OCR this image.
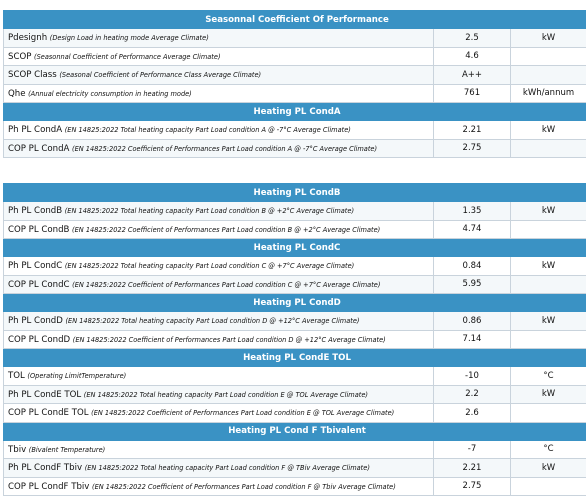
Seasonnal Coefficient Of Performance		
Pdesignh (Design Load in heating mode Average Climate)	2.5	kW
SCOP (Seasonnal Coefficient of Performance Average Climate)	4.6	
SCOP Class (Seasonal Coefficient of Performance Class Average Climate)	A++	
Qhe (Annual electricity consumption in heating mode)	761	kWh/annum
Heating PL CondA		
Ph PL CondA (EN 14825:2022 Total heating capacity Part Load condition A @ -7°C Average Climate)	2.21	kW
COP PL CondA (EN 14825:2022 Coefficient of Performances Part Load condition A @ -7°C Average Climate)	2.75	
Heating PL CondB		
Ph PL CondB (EN 14825:2022 Total heating capacity Part Load condition B @ +2°C Average Climate)	1.35	kW
COP PL CondB (EN 14825:2022 Coefficient of Performances Part Load condition B @ +2°C Average Climate)	4.74	
Heating PL CondC		
Ph PL CondC (EN 14825:2022 Total heating capacity Part Load condition C @ +7°C Average Climate)	0.84	kW
COP PL CondC (EN 14825:2022 Coefficient of Performances Part Load condition C @ +7°C Average Climate)	5.95	
Heating PL CondD		
Ph PL CondD (EN 14825:2022 Total heating capacity Part Load condition D @ +12°C Average Climate)	0.86	kW
COP PL CondD (EN 14825:2022 Coefficient of Performances Part Load condition D @ +12°C Average Climate)	7.14	
Heating PL CondE TOL		
TOL (Operating LimitTemperature)	-10	°C
Ph PL CondE TOL (EN 14825:2022 Total heating capacity Part Load condition E @ TOL Average Climate)	2.2	kW
COP PL CondE TOL (EN 14825:2022 Coefficient of Performances Part Load condition E @ TOL Average Climate)	2.6	
Heating PL Cond F Tbivalent		
Tbiv (Bivalent Temperature)	-7	°C
Ph PL CondF Tbiv (EN 14825:2022 Total heating capacity Part Load condition F @ TBiv Average Climate)	2.21	kW
COP PL CondF Tbiv (EN 14825:2022 Coefficient of Performances Part Load condition F @ Tbiv Average Climate)	2.75	
